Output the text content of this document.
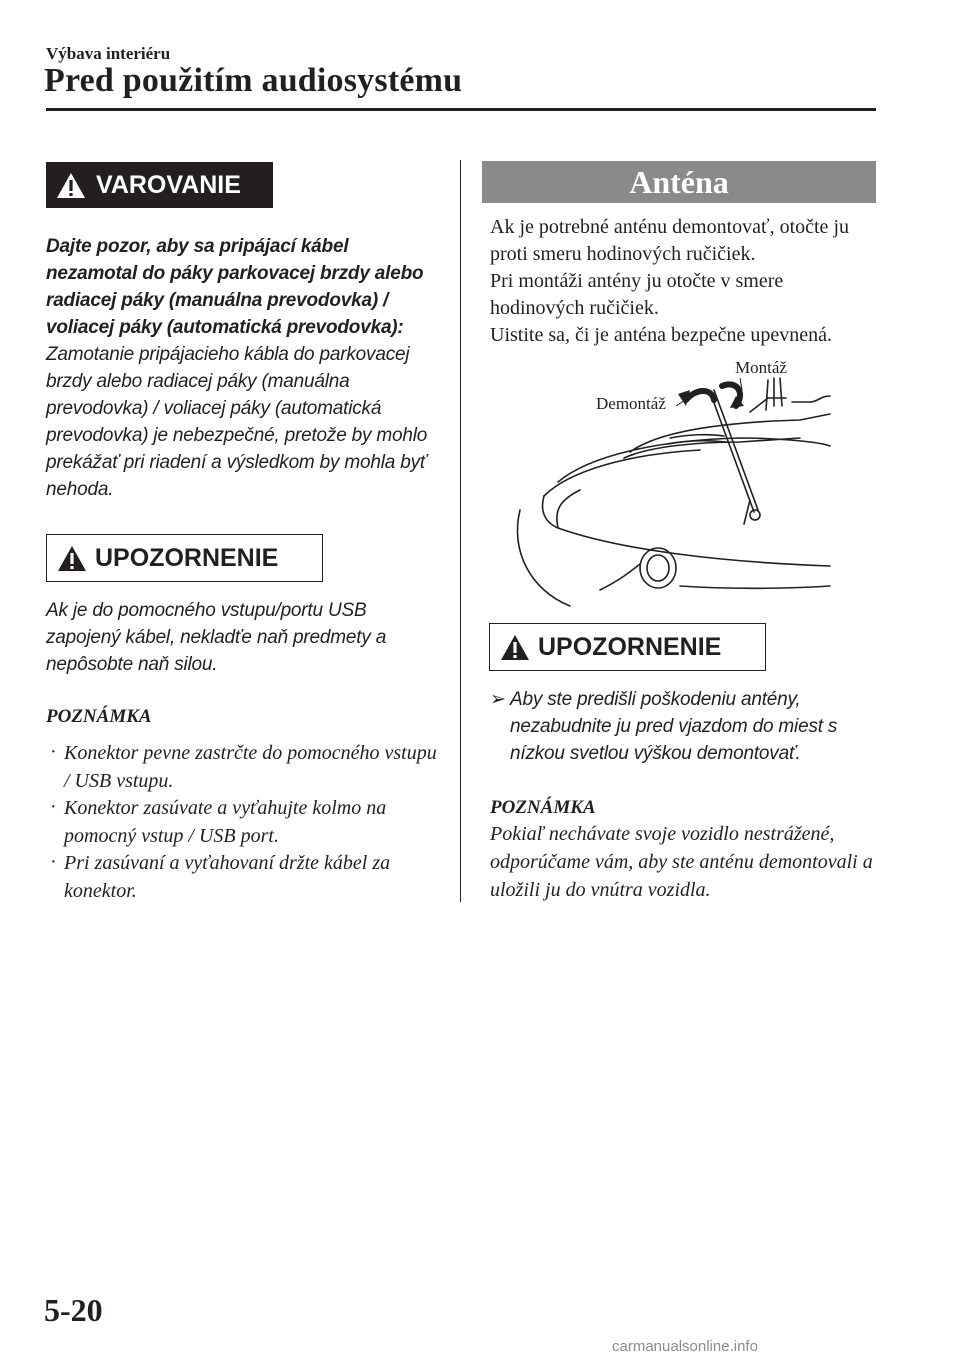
Výbava interiéru
Pred použitím audiosystému
VAROVANIE

Dajte pozor, aby sa pripájací kábel nezamotal do páky parkovacej brzdy alebo radiacej páky (manuálna prevodovka) / voliacej páky (automatická prevodovka):

Zamotanie pripájacieho kábla do parkovacej brzdy alebo radiacej páky (manuálna prevodovka) / voliacej páky (automatická prevodovka) je nebezpečné, pretože by mohlo prekážať pri riadení a výsledkom by mohla byť nehoda.

UPOZORNENIE

Ak je do pomocného vstupu/portu USB zapojený kábel, nekladťe naň predmety a nepôsobte naň silou.

POZNÁMKA
· Konektor pevne zastrčte do pomocného vstupu / USB vstupu.
· Konektor zasúvate a vyťahujte kolmo na pomocný vstup / USB port.
· Pri zasúvaní a vyťahovaní držte kábel za konektor.
Anténa

Ak je potrebné anténu demontovať, otočte ju proti smeru hodinových ručičiek.

Pri montáži antény ju otočte v smere hodinových ručičiek.

Uistite sa, či je anténa bezpečne upevnená.

Demontáž
Montáž
UPOZORNENIE
➢ Aby ste predišli poškodeniu antény, nezabudnite ju pred vjazdom do miest s nízkou svetlou výškou demontovať.

POZNÁMKA

Pokiaľ nechávate svoje vozidlo nestrážené, odporúčame vám, aby ste anténu demontovali a uložili ju do vnútra vozidla.

5-20
carmanualsonline.info
